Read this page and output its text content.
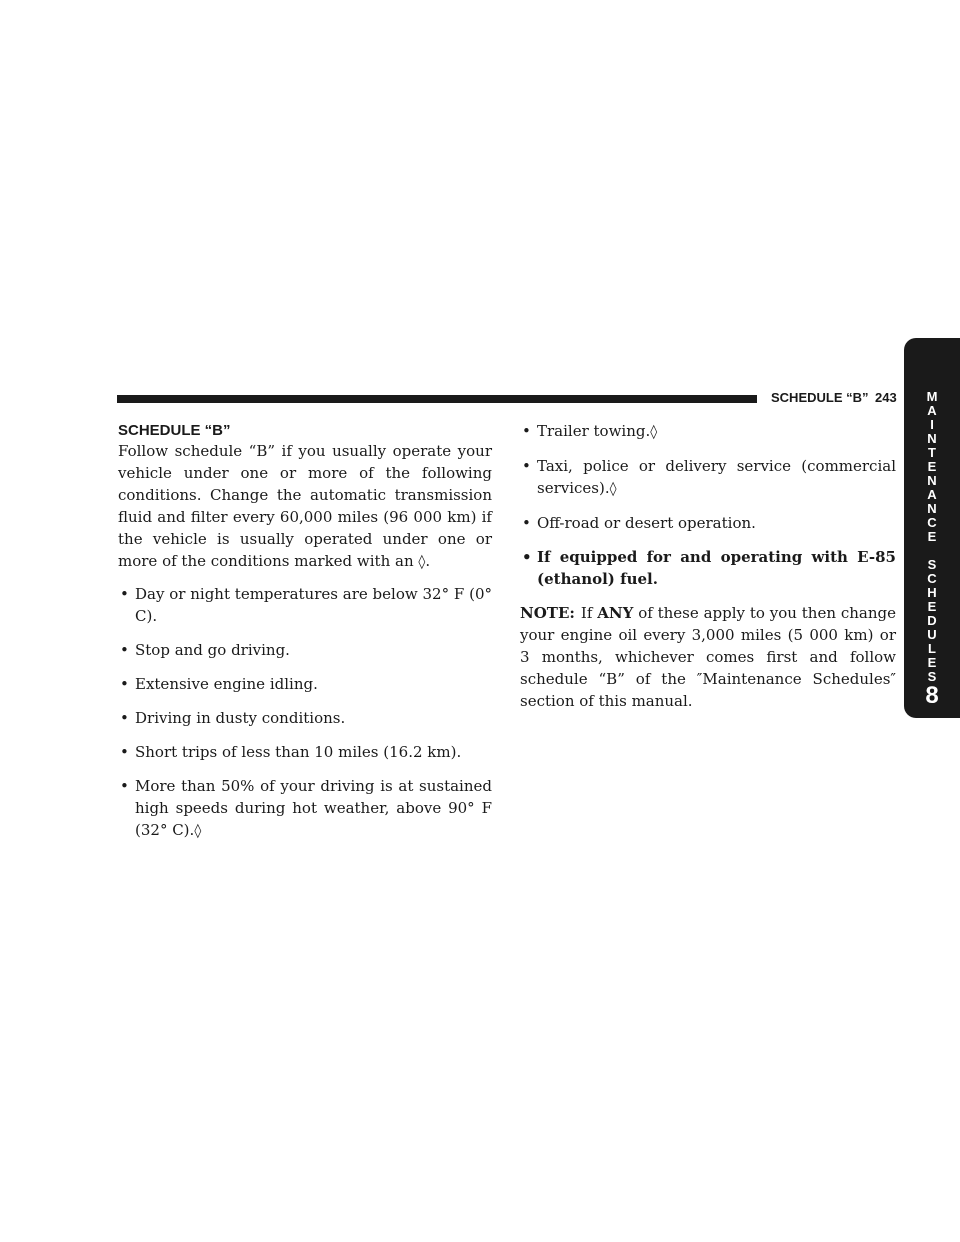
SCHEDULE “B” 243	M
A
I
N
T
E
N
A
N
C
E
S
C
H
E
D
U
L
E
S
8
SCHEDULE “B”

Follow schedule “B” if you usually operate your vehicle under one or more of the following conditions. Change the automatic transmission fluid and filter every 60,000 miles (96 000 km) if the vehicle is usually operated under one or more of the conditions marked with an ◊.

• Day or night temperatures are below 32° F (0° C).
• Stop and go driving.
• Extensive engine idling.
• Driving in dusty conditions.
• Short trips of less than 10 miles (16.2 km).
• More than 50% of your driving is at sustained high speeds during hot weather, above 90° F (32° C).◊
• Trailer towing.◊
• Taxi, police or delivery service (commercial services).◊
• Off-road or desert operation.
• If equipped for and operating with E-85 (ethanol) fuel.

NOTE: If ANY of these apply to you then change your engine oil every 3,000 miles (5 000 km) or 3 months, whichever comes first and follow schedule “B” of the ″Maintenance Schedules″ section of this manual.
